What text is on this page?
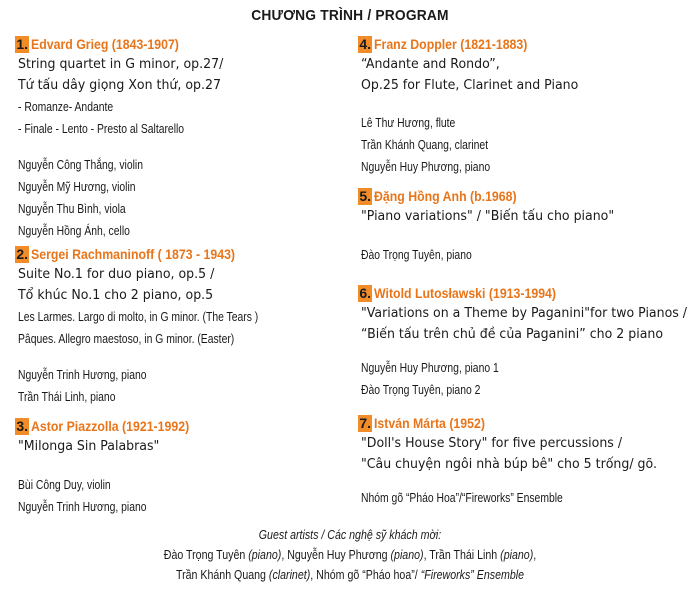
CHƯƠNG TRÌNH / PROGRAM
1. Edvard Grieg (1843-1907)
String quartet in G minor, op.27/
Tứ tấu dây giọng Xon thứ, op.27
- Romanze- Andante
- Finale - Lento - Presto al Saltarello
Nguyễn Công Thắng, violin
Nguyễn Mỹ Hương, violin
Nguyễn Thu Bình, viola
Nguyễn Hồng Ánh, cello
2. Sergei Rachmaninoff ( 1873 - 1943)
Suite No.1 for duo piano, op.5 /
Tổ khúc No.1 cho 2 piano, op.5
Les Larmes. Largo di molto, in G minor. (The Tears )
Pâques. Allegro maestoso, in G minor. (Easter)
Nguyễn Trinh Hương, piano
Trần Thái Linh, piano
3. Astor Piazzolla (1921-1992)
"Milonga Sin Palabras"
Bùi Công Duy, violin
Nguyễn Trinh Hương, piano
4. Franz Doppler (1821-1883)
“Andante and Rondo”,
Op.25 for Flute, Clarinet and Piano
Lê Thư Hương, flute
Trần Khánh Quang, clarinet
Nguyễn Huy Phương, piano
5. Đặng Hồng Anh (b.1968)
"Piano variations" / "Biến tấu cho piano"
Đào Trọng Tuyên, piano
6. Witold Lutosławski (1913-1994)
"Variations on a Theme by Paganini"for two Pianos /
“Biến tấu trên chủ đề của Paganini” cho 2 piano
Nguyễn Huy Phương, piano 1
Đào Trọng Tuyên, piano 2
7. István Márta (1952)
"Doll's House Story" for five percussions /
"Câu chuyện ngôi nhà búp bê" cho 5 trống/ gõ.
Nhóm gõ “Pháo Hoa”/“Fireworks” Ensemble
Guest artists / Các nghệ sỹ khách mời:
Đào Trọng Tuyên (piano), Nguyễn Huy Phương (piano), Trần Thái Linh (piano),
Trần Khánh Quang (clarinet), Nhóm gõ “Pháo hoa”/ “Fireworks” Ensemble
